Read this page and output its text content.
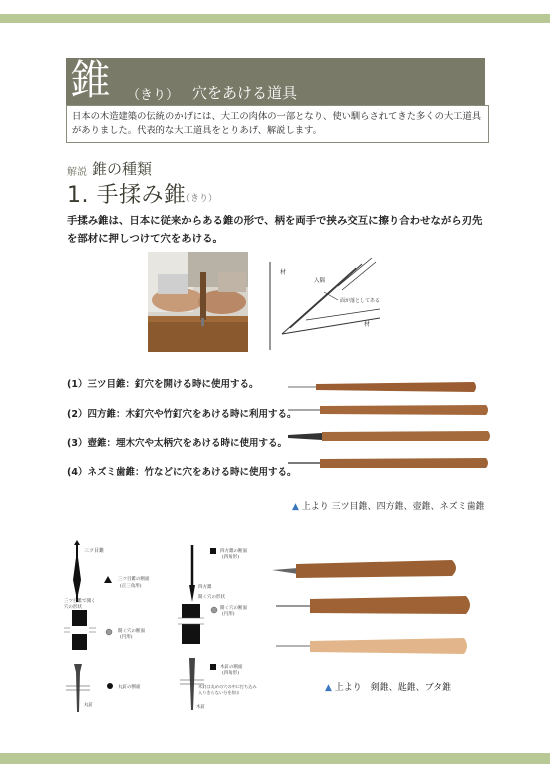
錐 （きり） 穴をあける道具
日本の木造建築の伝統のかげには、大工の肉体の一部となり、使い馴らされてきた多くの大工道具がありました。代表的な大工道具をとりあげ、解説します。
解説 錐の種類
1. 手揉み錐
（きり）
手揉み錐は、日本に従来からある錐の形で、柄を両手で挟み交互に擦り合わせながら刃先を部材に押しつけて穴をあける。
材
入隅
面が落としてある
材
(1）三ツ目錐：釘穴を開ける時に使用する。
(2）四方錐：木釘穴や竹釘穴をあける時に利用する。
(3）壺錐：埋木穴や太柄穴をあける時に使用する。
(4）ネズミ歯錐：竹などに穴をあける時に使用する。
▲ 上より 三ツ目錐、四方錐、壺錐、ネズミ歯錐
三ツ目錐
三ツ目錐の断面
(正三角形)
三ツ目錐で開く
穴の形状
開く穴の断面
(円形)
丸釘の断面
丸釘
四方錐の断面
(四角形)
四方錐
開く穴の形状
開く穴の断面
(円形)
木釘の断面
(四角形)
木釘は丸めの穴の中に打ち込み
入りきらない分を削る
木釘
▲ 上より　剣錐、匙錐、ブタ錐
